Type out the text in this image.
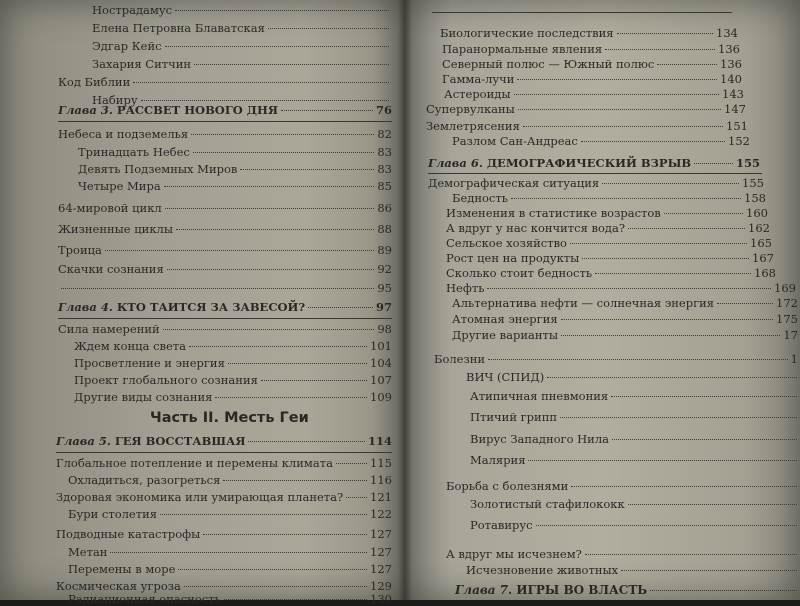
Нострадамус
Елена Петровна Блаватская
Эдгар Кейс
Захария Ситчин
Код Библии
Набиру
Глава 3. РАССВЕТ НОВОГО ДНЯ	76
Небеса и подземелья	82
Тринадцать Небес	83
Девять Подземных Миров	83
Четыре Мира	85
64-мировой цикл	86
Жизненные циклы	88
Троица	89
Скачки сознания	92
95
Глава 4. КТО ТАИТСЯ ЗА ЗАВЕСОЙ?	97
Сила намерений	98
Ждем конца света	101
Просветление и энергия	104
Проект глобального сознания	107
Другие виды сознания	109
Часть II. Месть Геи
Глава 5. ГЕЯ ВОССТАВШАЯ	114
Глобальное потепление и перемены климата	115
Охладиться, разогреться	116
Здоровая экономика или умирающая планета? 121
Бури столетия	122
Подводные катастрофы	127
Метан	127
Перемены в море	127
Космическая угроза	129
Радиационная опасность	130
Биологические последствия	134
Паранормальные явления	136
Северный полюс — Южный полюс	136
Гамма-лучи	140
Астероиды	143
Супервулканы	147
Землетрясения	151
Разлом Сан-Андреас	152
Глава 6. ДЕМОГРАФИЧЕСКИЙ ВЗРЫВ	155
Демографическая ситуация	155
Бедность	158
Изменения в статистике возрастов	160
А вдруг у нас кончится вода?	162
Сельское хозяйство	165
Рост цен на продукты	167
Сколько стоит бедность	168
Нефть	169
Альтернатива нефти — солнечная энергия	172
Атомная энергия	175
Другие варианты	17
Болезни	1
ВИЧ (СПИД)
Атипичная пневмония
Птичий грипп
Вирус Западного Нила
Малярия
Борьба с болезнями
Золотистый стафилококк
Ротавирус
А вдруг мы исчезнем?
Исчезновение животных
Глава 7. ИГРЫ ВО ВЛАСТЬ
